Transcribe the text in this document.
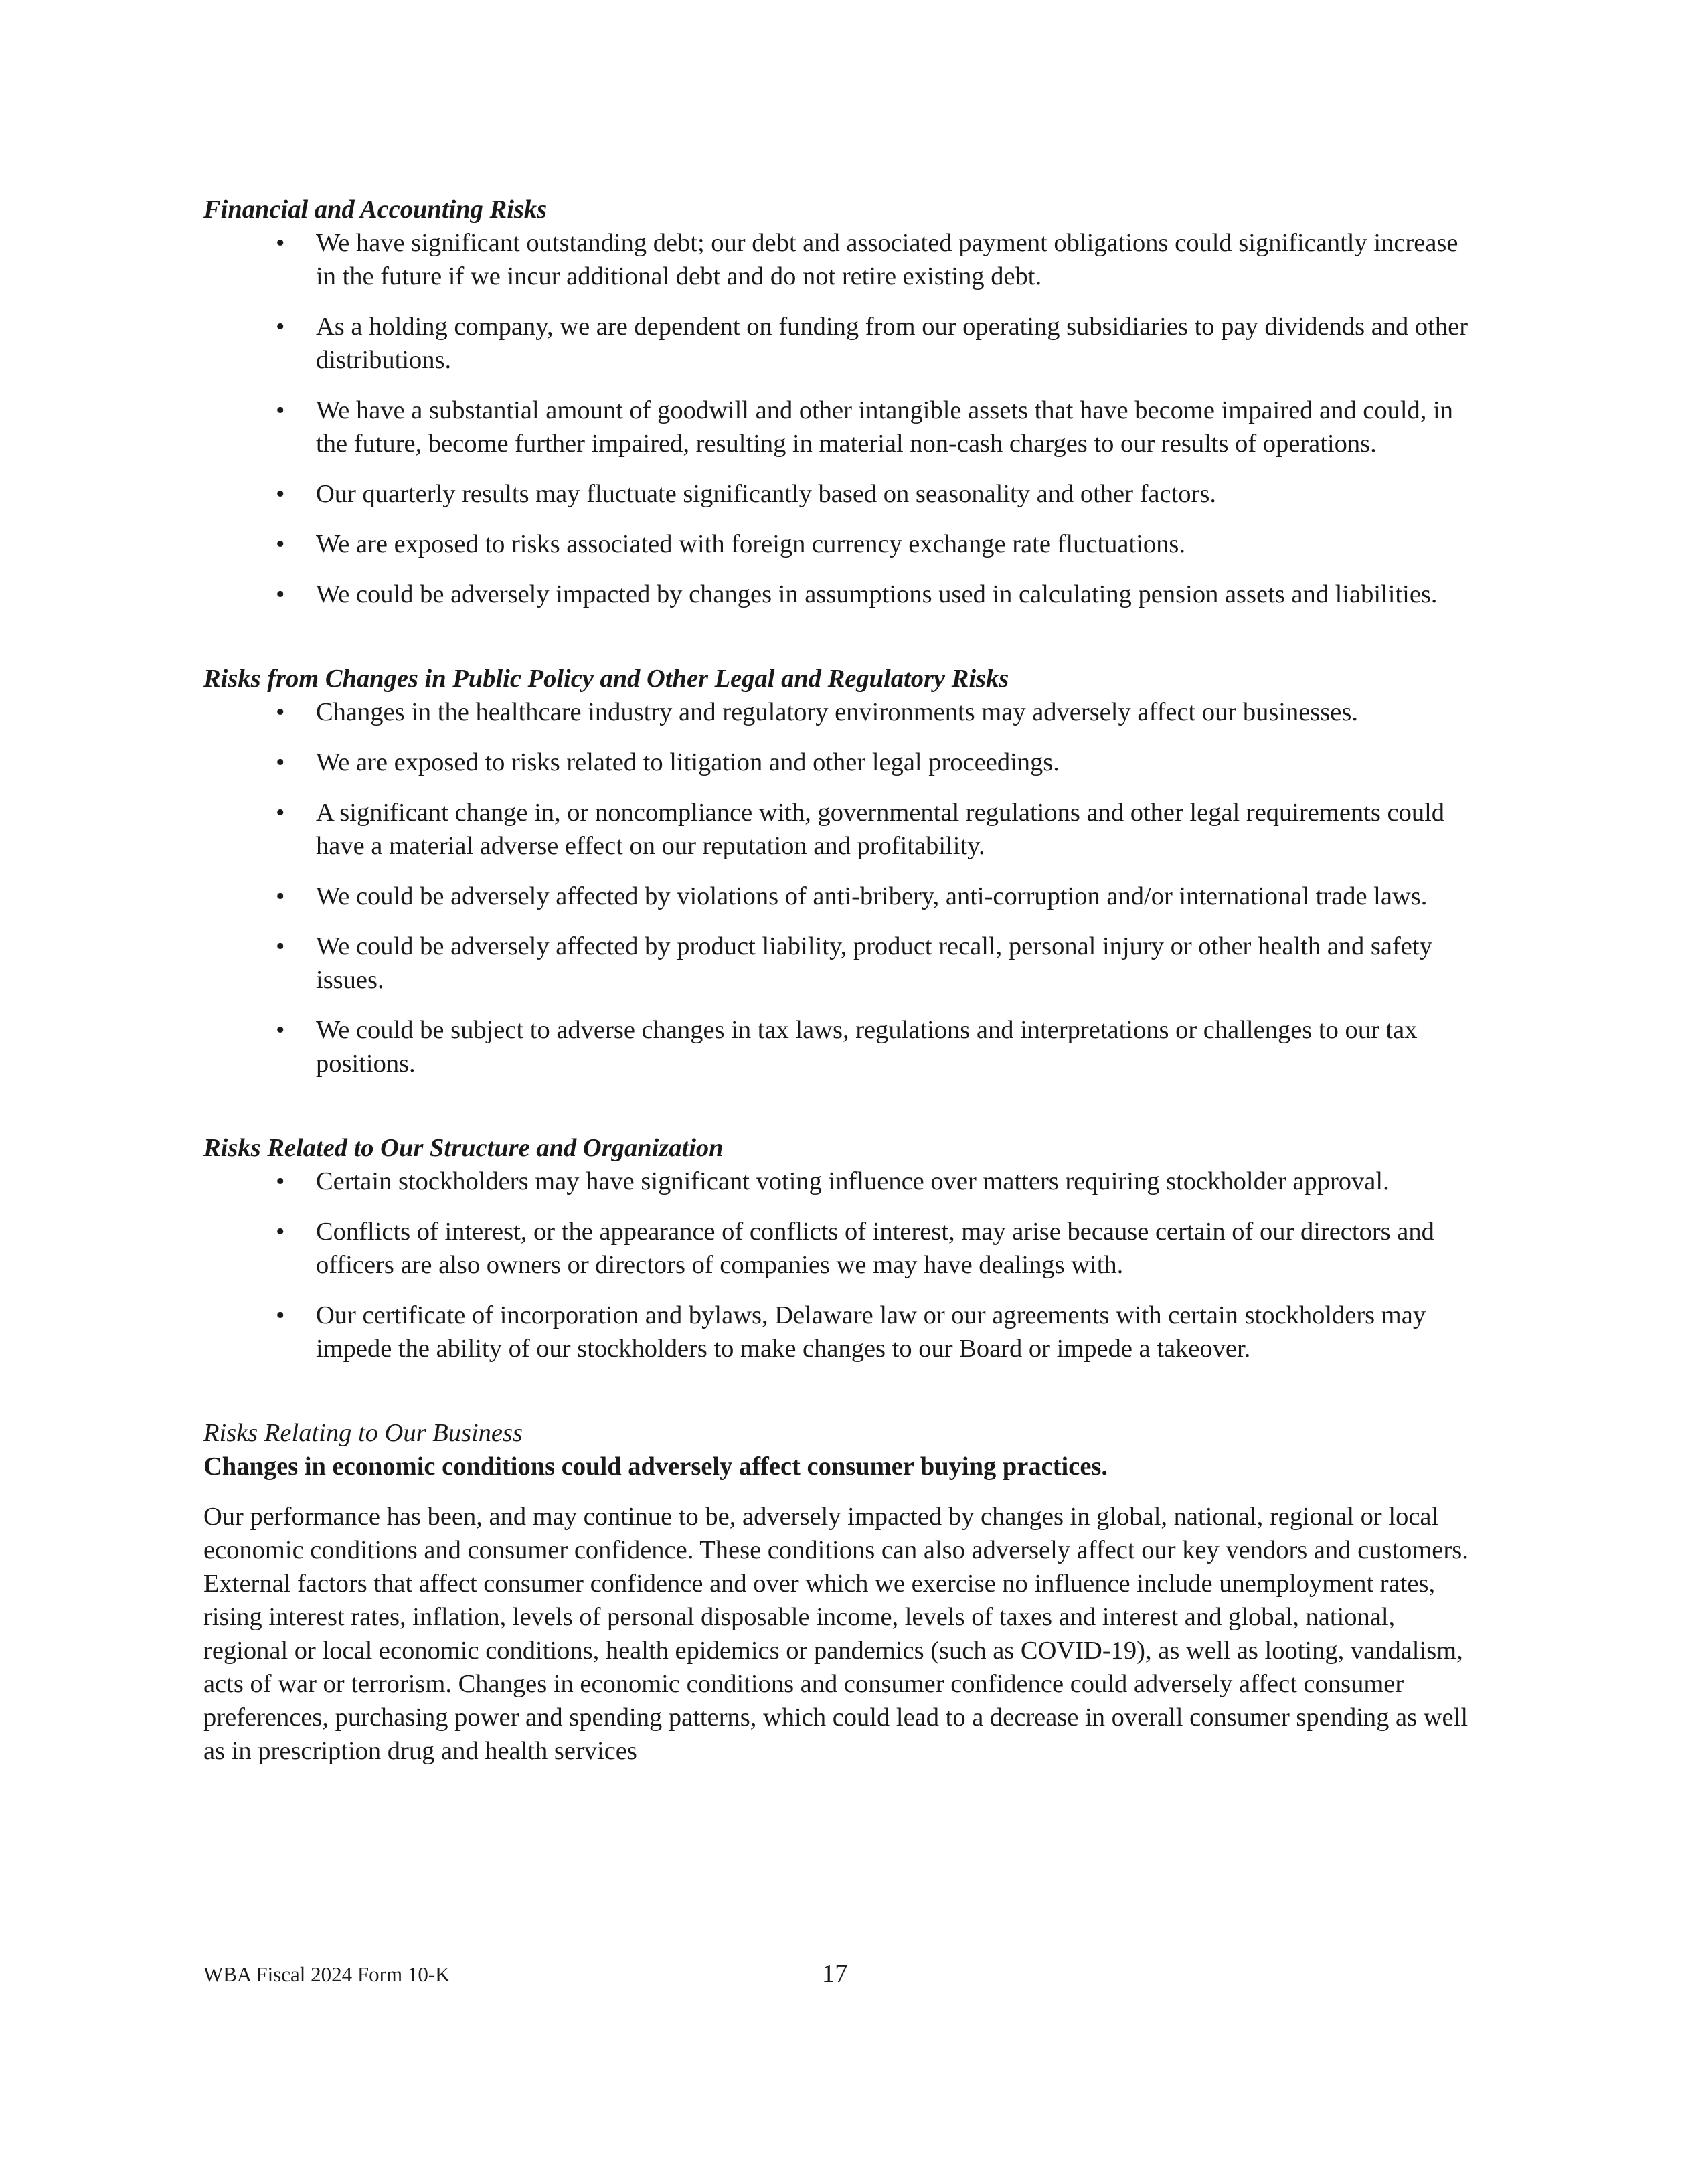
Financial and Accounting Risks

• We have significant outstanding debt; our debt and associated payment obligations could significantly increase in the future if we incur additional debt and do not retire existing debt.
• As a holding company, we are dependent on funding from our operating subsidiaries to pay dividends and other distributions.
• We have a substantial amount of goodwill and other intangible assets that have become impaired and could, in the future, become further impaired, resulting in material non-cash charges to our results of operations.
• Our quarterly results may fluctuate significantly based on seasonality and other factors.
• We are exposed to risks associated with foreign currency exchange rate fluctuations.
• We could be adversely impacted by changes in assumptions used in calculating pension assets and liabilities.

Risks from Changes in Public Policy and Other Legal and Regulatory Risks

• Changes in the healthcare industry and regulatory environments may adversely affect our businesses.
• We are exposed to risks related to litigation and other legal proceedings.
• A significant change in, or noncompliance with, governmental regulations and other legal requirements could have a material adverse effect on our reputation and profitability.
• We could be adversely affected by violations of anti-bribery, anti-corruption and/or international trade laws.
• We could be adversely affected by product liability, product recall, personal injury or other health and safety issues.
• We could be subject to adverse changes in tax laws, regulations and interpretations or challenges to our tax positions.

Risks Related to Our Structure and Organization

• Certain stockholders may have significant voting influence over matters requiring stockholder approval.
• Conflicts of interest, or the appearance of conflicts of interest, may arise because certain of our directors and officers are also owners or directors of companies we may have dealings with.
• Our certificate of incorporation and bylaws, Delaware law or our agreements with certain stockholders may impede the ability of our stockholders to make changes to our Board or impede a takeover.
Risks Relating to Our Business

Changes in economic conditions could adversely affect consumer buying practices.

Our performance has been, and may continue to be, adversely impacted by changes in global, national, regional or local economic conditions and consumer confidence. These conditions can also adversely affect our key vendors and customers. External factors that affect consumer confidence and over which we exercise no influence include unemployment rates, rising interest rates, inflation, levels of personal disposable income, levels of taxes and interest and global, national, regional or local economic conditions, health epidemics or pandemics (such as COVID-19), as well as looting, vandalism, acts of war or terrorism. Changes in economic conditions and consumer confidence could adversely affect consumer preferences, purchasing power and spending patterns, which could lead to a decrease in overall consumer spending as well as in prescription drug and health services

WBA Fiscal 2024 Form 10-K	17
